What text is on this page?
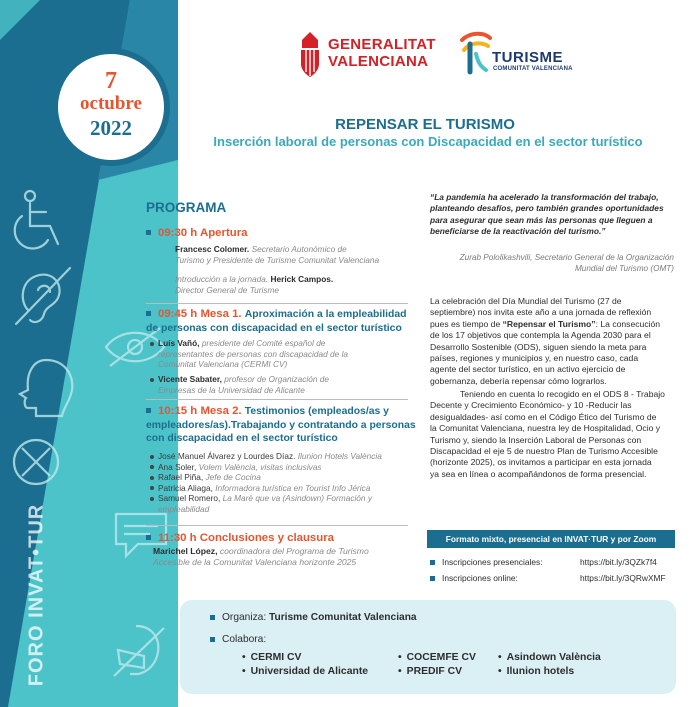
FORO INVAT•TUR
7
octubre
2022
GENERALITAT
VALENCIANA	TURISME
COMUNITAT VALENCIANA
REPENSAR EL TURISMO
Inserción laboral de personas con Discapacidad en el sector turístico
PROGRAMA
09:30 h Apertura
Francesc Colomer. Secretario Autonómico de
Turismo y Presidente de Turisme Comunitat Valenciana
Introducción a la jornada. Herick Campos.
Director General de Turisme
09:45 h Mesa 1. Aproximación a la empleabilidad
de personas con discapacidad en el sector turístico
Luís Vañó, presidente del Comité español de
representantes de personas con discapacidad de la
Comunitat Valenciana (CERMI CV)
Vicente Sabater, profesor de Organización de
Empresas de la Universidad de Alicante
10:15 h Mesa 2. Testimonios (empleados/as y
empleadores/as).Trabajando y contratando a personas
con discapacidad en el sector turístico
José Manuel Álvarez y Lourdes Díaz. Ilunion Hotels València
Ana Soler, Volem València, visitas inclusivas
Rafael Piña, Jefe de Cocina
Patricia Aliaga, Informadora turística en Tourist Info Jérica
Samuel Romero, La Marè que va (Asindown) Formación y
empleabilidad
11:30 h Conclusiones y clausura
Marichel López, coordinadora del Programa de Turismo
Accesible de la Comunitat Valenciana horizonte 2025
“La pandemia ha acelerado la transformación del trabajo,
planteando desafíos, pero también grandes oportunidades
para asegurar que sean más las personas que lleguen a
beneficiarse de la reactivación del turismo.”
Zurab Pololikashvili, Secretario General de la Organización
Mundial del Turismo (OMT)
La celebración del Día Mundial del Turismo (27 de
septiembre) nos invita este año a una jornada de reflexión
pues es tiempo de “Repensar el Turismo”: La consecución
de los 17 objetivos que contempla la Agenda 2030 para el
Desarrollo Sostenible (ODS), siguen siendo la meta para
países, regiones y municipios y, en nuestro caso, cada
agente del sector turístico, en un activo ejercicio de
gobernanza, debería repensar cómo lograrlos.
Teniendo en cuenta lo recogido en el ODS 8 - Trabajo
Decente y Crecimiento Económico- y 10 -Reducir las
desigualdades- así como en el Código Ético del Turismo de
la Comunitat Valenciana, nuestra ley de Hospitalidad, Ocio y
Turismo y, siendo la Inserción Laboral de Personas con
Discapacidad el eje 5 de nuestro Plan de Turismo Accesible
(horizonte 2025), os invitamos a participar en esta jornada
ya sea en línea o acompañándonos de forma presencial.
Formato mixto, presencial en INVAT·TUR y por Zoom
Inscripciones presenciales:	https://bit.ly/3QZk7f4
Inscripciones online:	https://bit.ly/3QRwXMF
Organiza: Turisme Comunitat Valenciana
Colabora:
• CERMI CV
• Universidad de Alicante
• COCEMFE CV
• PREDIF CV
• Asindown València
• Ilunion hotels
